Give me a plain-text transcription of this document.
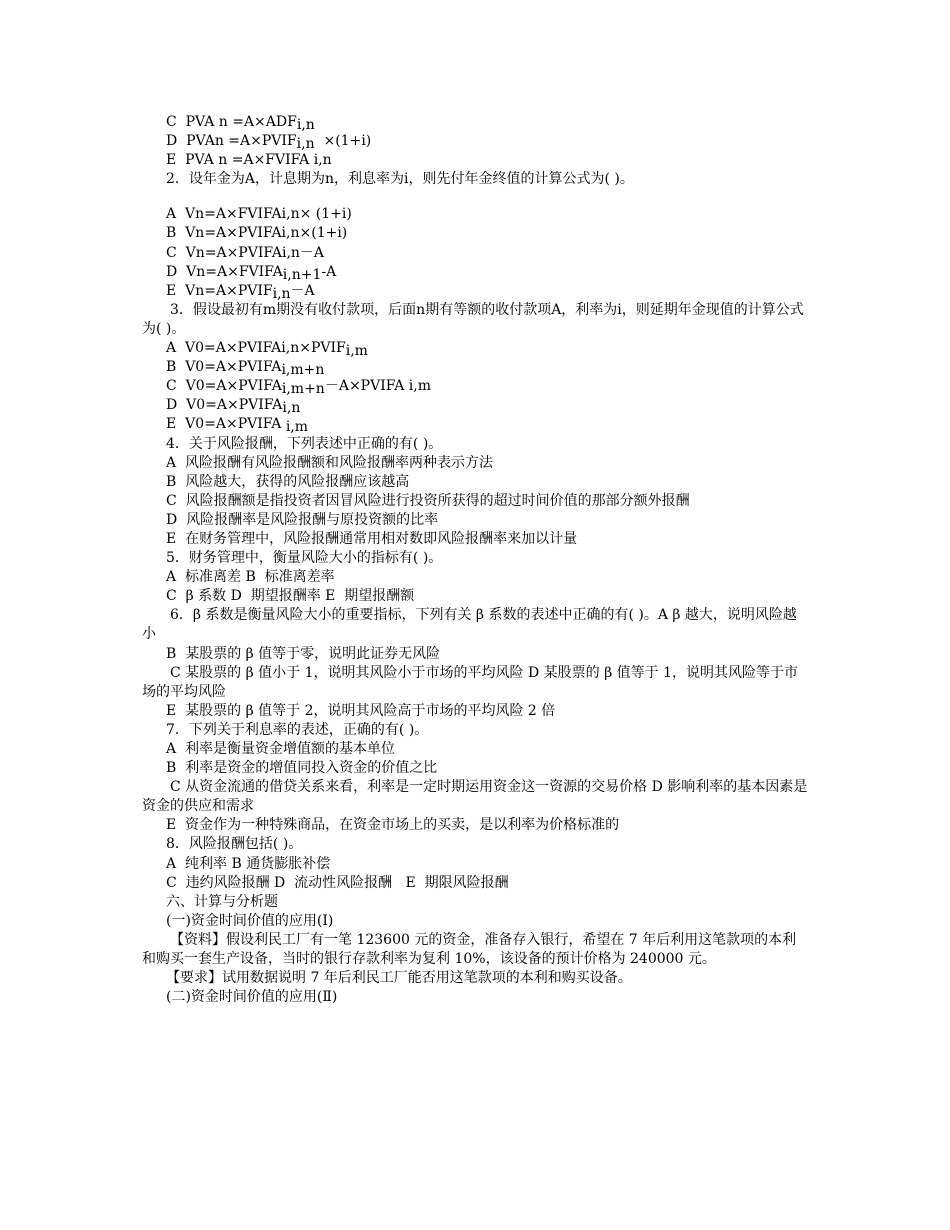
C  PVA n =A×ADFi,n
D  PVAn =A×PVIFi,n  ×(1+i)
E  PVA n =A×FVIFA i,n
2．设年金为A，计息期为n，利息率为i，则先付年金终值的计算公式为( )。
A  Vn=A×FVIFAi,n× (1+i)
B  Vn=A×PVIFAi,n×(1+i)
C  Vn=A×PVIFAi,n－A
D  Vn=A×FVIFAi,n+1-A
E  Vn=A×PVIFi,n－A
3．假设最初有m期没有收付款项，后面n期有等额的收付款项A，利率为i，则延期年金现值的计算公式为( )。
A  V0=A×PVIFAi,n×PVIFi,m
B  V0=A×PVIFAi,m+n
C  V0=A×PVIFAi,m+n－A×PVIFA i,m
D  V0=A×PVIFAi,n
E  V0=A×PVIFA i,m
4．关于风险报酬，下列表述中正确的有( )。
A  风险报酬有风险报酬额和风险报酬率两种表示方法
B  风险越大，获得的风险报酬应该越高
C  风险报酬额是指投资者因冒风险进行投资所获得的超过时间价值的那部分额外报酬
D  风险报酬率是风险报酬与原投资额的比率
E  在财务管理中，风险报酬通常用相对数即风险报酬率来加以计量
5．财务管理中，衡量风险大小的指标有( )。
A  标准离差 B  标准离差率
C  β 系数 D  期望报酬率 E  期望报酬额
6．β 系数是衡量风险大小的重要指标，下列有关 β 系数的表述中正确的有( )。A β 越大，说明风险越小
B  某股票的 β 值等于零，说明此证券无风险
C 某股票的 β 值小于 1，说明其风险小于市场的平均风险 D 某股票的 β 值等于 1，说明其风险等于市场的平均风险
E  某股票的 β 值等于 2，说明其风险高于市场的平均风险 2 倍
7．下列关于利息率的表述，正确的有( )。
A  利率是衡量资金增值额的基本单位
B  利率是资金的增值同投入资金的价值之比
C 从资金流通的借贷关系来看，利率是一定时期运用资金这一资源的交易价格 D 影响利率的基本因素是资金的供应和需求
E  资金作为一种特殊商品，在资金市场上的买卖，是以利率为价格标准的
8．风险报酬包括( )。
A  纯利率 B 通货膨胀补偿
C  违约风险报酬 D  流动性风险报酬   E  期限风险报酬
六、计算与分析题
(一)资金时间价值的应用(Ⅰ)
【资料】假设利民工厂有一笔 123600 元的资金，准备存入银行，希望在 7 年后利用这笔款项的本利和购买一套生产设备，当时的银行存款利率为复利 10%，该设备的预计价格为 240000 元。
【要求】试用数据说明 7 年后利民工厂能否用这笔款项的本利和购买设备。
(二)资金时间价值的应用(Ⅱ)
